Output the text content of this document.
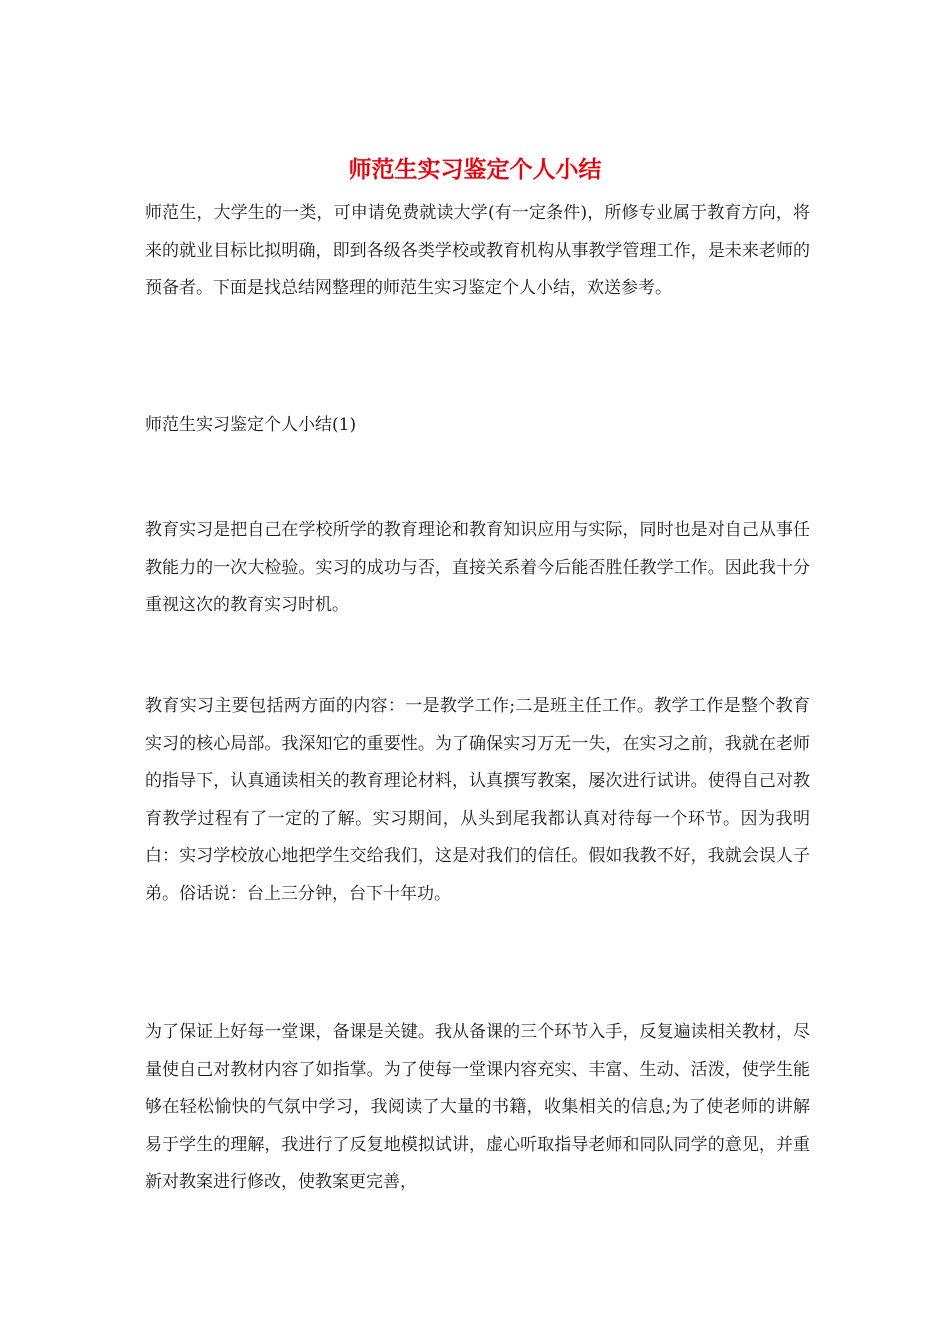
师范生实习鉴定个人小结

师范生，大学生的一类，可申请免费就读大学(有一定条件)，所修专业属于教育方向，将来的就业目标比拟明确，即到各级各类学校或教育机构从事教学管理工作，是未来老师的预备者。下面是找总结网整理的师范生实习鉴定个人小结，欢送参考。

师范生实习鉴定个人小结(1)

教育实习是把自己在学校所学的教育理论和教育知识应用与实际，同时也是对自己从事任教能力的一次大检验。实习的成功与否，直接关系着今后能否胜任教学工作。因此我十分重视这次的教育实习时机。

教育实习主要包括两方面的内容：一是教学工作;二是班主任工作。教学工作是整个教育实习的核心局部。我深知它的重要性。为了确保实习万无一失，在实习之前，我就在老师的指导下，认真通读相关的教育理论材料，认真撰写教案，屡次进行试讲。使得自己对教育教学过程有了一定的了解。实习期间，从头到尾我都认真对待每一个环节。因为我明白：实习学校放心地把学生交给我们，这是对我们的信任。假如我教不好，我就会误人子弟。俗话说：台上三分钟，台下十年功。

为了保证上好每一堂课，备课是关键。我从备课的三个环节入手，反复遍读相关教材，尽量使自己对教材内容了如指掌。为了使每一堂课内容充实、丰富、生动、活泼，使学生能够在轻松愉快的气氛中学习，我阅读了大量的书籍，收集相关的信息;为了使老师的讲解易于学生的理解，我进行了反复地模拟试讲，虚心听取指导老师和同队同学的意见，并重新对教案进行修改，使教案更完善，
